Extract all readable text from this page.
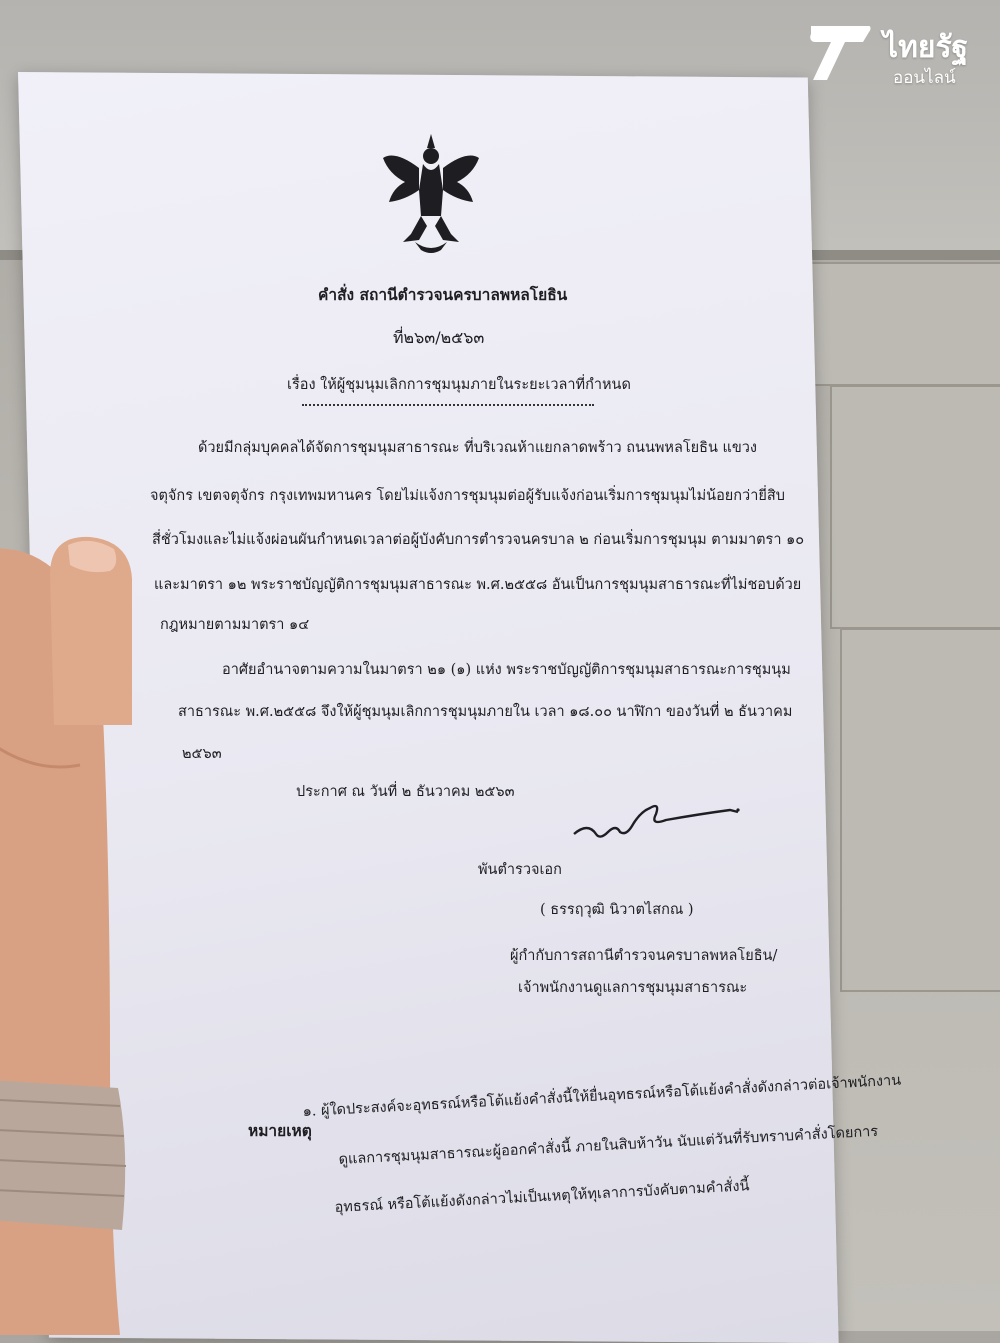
ไทยรัฐ
ออนไลน์
คำสั่ง สถานีตำรวจนครบาลพหลโยธิน
ที่๒๖๓/๒๕๖๓
เรื่อง ให้ผู้ชุมนุมเลิกการชุมนุมภายในระยะเวลาที่กำหนด
ด้วยมีกลุ่มบุคคลได้จัดการชุมนุมสาธารณะ ที่บริเวณห้าแยกลาดพร้าว ถนนพหลโยธิน แขวง
จตุจักร เขตจตุจักร กรุงเทพมหานคร โดยไม่แจ้งการชุมนุมต่อผู้รับแจ้งก่อนเริ่มการชุมนุมไม่น้อยกว่ายี่สิบ
สี่ชั่วโมงและไม่แจ้งผ่อนผันกำหนดเวลาต่อผู้บังคับการตำรวจนครบาล ๒ ก่อนเริ่มการชุมนุม ตามมาตรา ๑๐
และมาตรา ๑๒ พระราชบัญญัติการชุมนุมสาธารณะ พ.ศ.๒๕๕๘ อันเป็นการชุมนุมสาธารณะที่ไม่ชอบด้วย
กฎหมายตามมาตรา ๑๔
อาศัยอำนาจตามความในมาตรา ๒๑ (๑) แห่ง พระราชบัญญัติการชุมนุมสาธารณะการชุมนุม
สาธารณะ พ.ศ.๒๕๕๘ จึงให้ผู้ชุมนุมเลิกการชุมนุมภายใน เวลา ๑๘.๐๐ นาฬิกา ของวันที่ ๒ ธันวาคม
๒๕๖๓
ประกาศ ณ วันที่ ๒ ธันวาคม ๒๕๖๓
พันตำรวจเอก
( ธรรฤวุฒิ นิวาตไสกณ )
ผู้กำกับการสถานีตำรวจนครบาลพหลโยธิน/
เจ้าพนักงานดูแลการชุมนุมสาธารณะ
หมายเหตุ
๑. ผู้ใดประสงค์จะอุทธรณ์หรือโต้แย้งคำสั่งนี้ให้ยื่นอุทธรณ์หรือโต้แย้งคำสั่งดังกล่าวต่อเจ้าพนักงาน
ดูแลการชุมนุมสาธารณะผู้ออกคำสั่งนี้ ภายในสิบห้าวัน นับแต่วันที่รับทราบคำสั่งโดยการ
อุทธรณ์ หรือโต้แย้งดังกล่าวไม่เป็นเหตุให้ทุเลาการบังคับตามคำสั่งนี้
